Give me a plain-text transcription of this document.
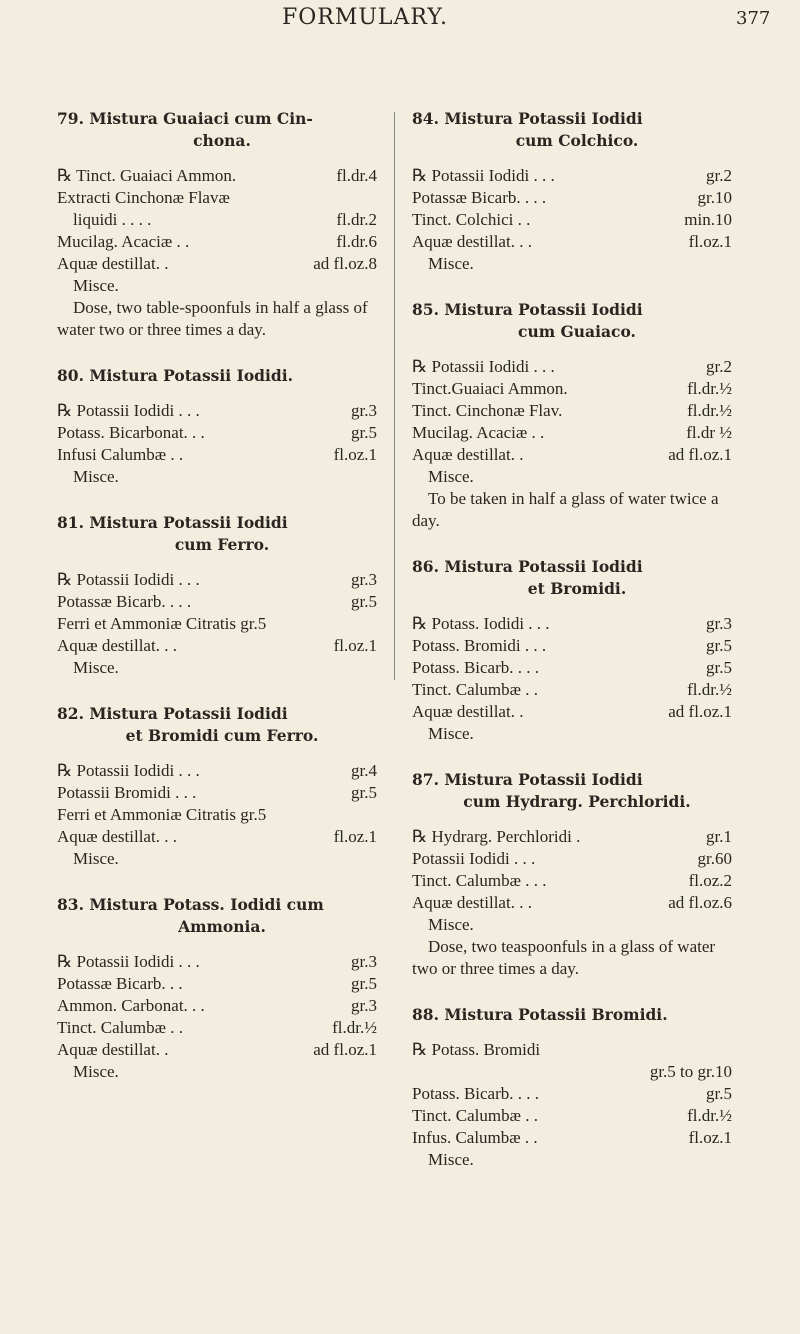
FORMULARY.	377
79. Mistura Guaiaci cum Cin-
chona.
℞ Tinct. Guaiaci Ammon.	fl.dr.4
Extracti Cinchonæ Flavæ
liquidi . . . .	fl.dr.2
Mucilag. Acaciæ . .	fl.dr.6
Aquæ destillat. .	ad fl.oz.8
Misce.
Dose, two table-spoonfuls in half a glass of water two or three times a day.
80. Mistura Potassii Iodidi.
℞ Potassii Iodidi . . .	gr.3
Potass. Bicarbonat. . .	gr.5
Infusi Calumbæ . .	fl.oz.1
Misce.
81. Mistura Potassii Iodidi
cum Ferro.
℞ Potassii Iodidi . . .	gr.3
Potassæ Bicarb. . . .	gr.5
Ferri et Ammoniæ Citratis gr.5
Aquæ destillat. . .	fl.oz.1
Misce.
82. Mistura Potassii Iodidi
et Bromidi cum Ferro.
℞ Potassii Iodidi . . .	gr.4
Potassii Bromidi . . .	gr.5
Ferri et Ammoniæ Citratis gr.5
Aquæ destillat. . .	fl.oz.1
Misce.
83. Mistura Potass. Iodidi cum
Ammonia.
℞ Potassii Iodidi . . .	gr.3
Potassæ Bicarb. . .	gr.5
Ammon. Carbonat. . .	gr.3
Tinct. Calumbæ . .	fl.dr.½
Aquæ destillat. .	ad fl.oz.1
Misce.
84. Mistura Potassii Iodidi
cum Colchico.
℞ Potassii Iodidi . . .	gr.2
Potassæ Bicarb. . . .	gr.10
Tinct. Colchici . .	min.10
Aquæ destillat. . .	fl.oz.1
Misce.
85. Mistura Potassii Iodidi
cum Guaiaco.
℞ Potassii Iodidi . . .	gr.2
Tinct.Guaiaci Ammon.	fl.dr.½
Tinct. Cinchonæ Flav.	fl.dr.½
Mucilag. Acaciæ . .	fl.dr ½
Aquæ destillat. .	ad fl.oz.1
Misce.
To be taken in half a glass of water twice a day.
86. Mistura Potassii Iodidi
et Bromidi.
℞ Potass. Iodidi . . .	gr.3
Potass. Bromidi . . .	gr.5
Potass. Bicarb. . . .	gr.5
Tinct. Calumbæ . .	fl.dr.½
Aquæ destillat. .	ad fl.oz.1
Misce.
87. Mistura Potassii Iodidi
cum Hydrarg. Perchloridi.
℞ Hydrarg. Perchloridi .	gr.1
Potassii Iodidi . . .	gr.60
Tinct. Calumbæ . . .	fl.oz.2
Aquæ destillat. . .	ad fl.oz.6
Misce.
Dose, two teaspoonfuls in a glass of water two or three times a day.
88. Mistura Potassii Bromidi.
℞ Potass. Bromidi
gr.5 to gr.10
Potass. Bicarb. . . .	gr.5
Tinct. Calumbæ . .	fl.dr.½
Infus. Calumbæ . .	fl.oz.1
Misce.
